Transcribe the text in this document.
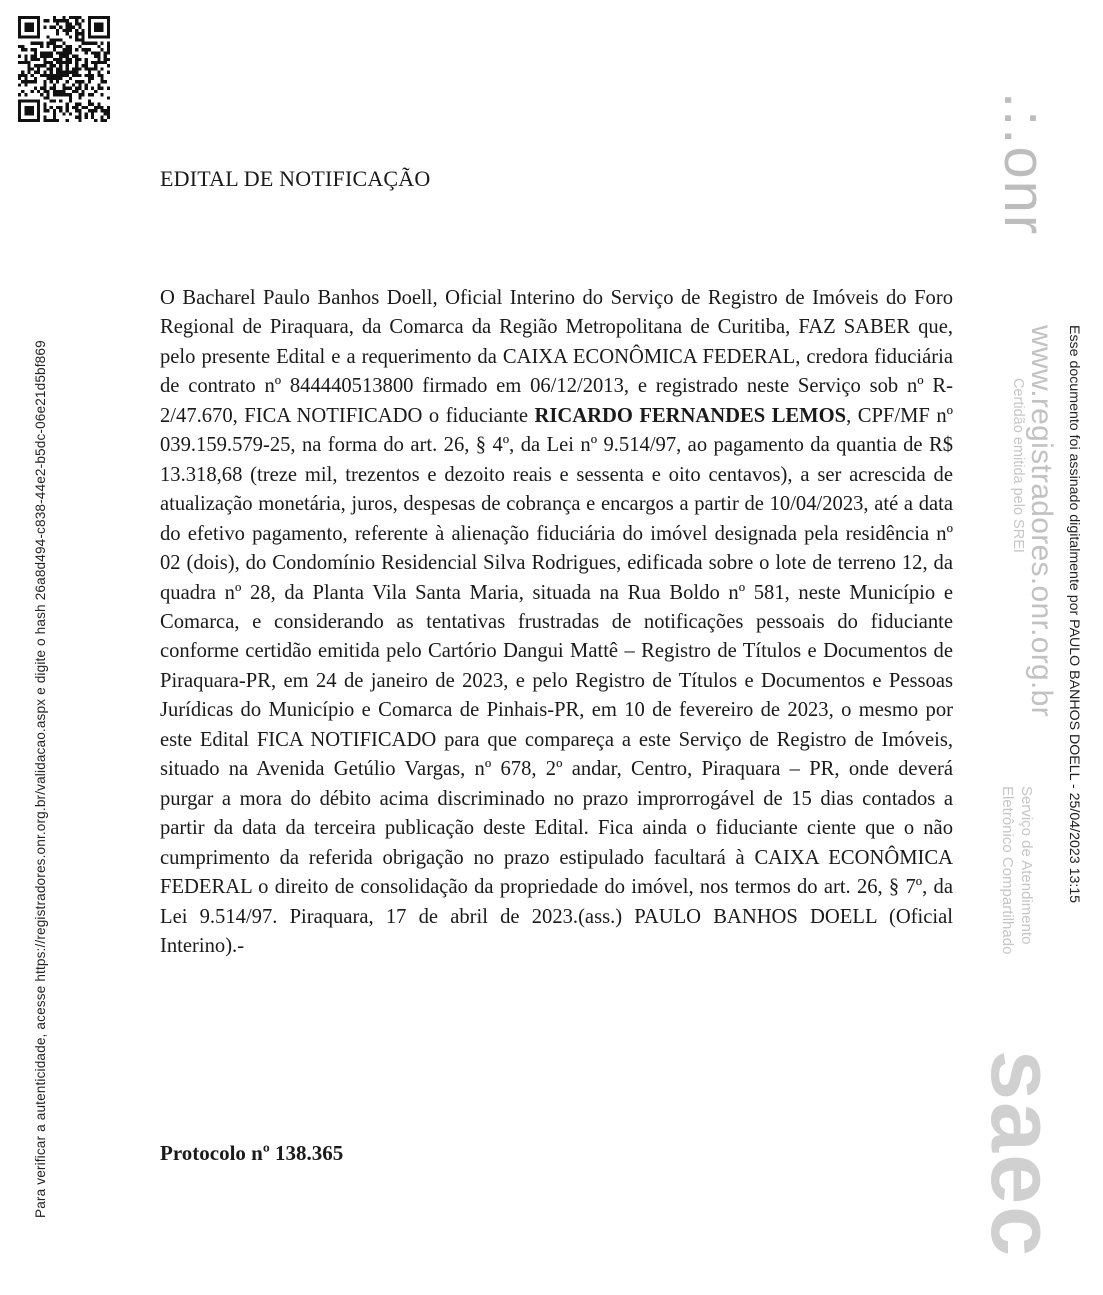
Para verificar a autenticidade, acesse https://registradores.onr.org.br/validacao.aspx e digite o hash 26a8d494-c838-44e2-b5dc-06e21d5bf869	Esse documento foi assinado digitalmente por PAULO BANHOS DOELL - 25/04/2023 13:15
.:.onr
www.registradores.onr.org.br
Certidão emitida pelo SREI
Serviço de Atendimento
Eletrônico Compartilhado
saec
EDITAL DE NOTIFICAÇÃO

O Bacharel Paulo Banhos Doell, Oficial Interino do Serviço de Registro de Imóveis do Foro Regional de Piraquara, da Comarca da Região Metropolitana de Curitiba, FAZ SABER que, pelo presente Edital e a requerimento da CAIXA ECONÔMICA FEDERAL, credora fiduciária de contrato nº 844440513800 firmado em 06/12/2013, e registrado neste Serviço sob nº R-2/47.670, FICA NOTIFICADO o fiduciante RICARDO FERNANDES LEMOS, CPF/MF nº 039.159.579-25, na forma do art. 26, § 4º, da Lei nº 9.514/97, ao pagamento da quantia de R$ 13.318,68 (treze mil, trezentos e dezoito reais e sessenta e oito centavos), a ser acrescida de atualização monetária, juros, despesas de cobrança e encargos a partir de 10/04/2023, até a data do efetivo pagamento, referente à alienação fiduciária do imóvel designada pela residência nº 02 (dois), do Condomínio Residencial Silva Rodrigues, edificada sobre o lote de terreno 12, da quadra nº 28, da Planta Vila Santa Maria, situada na Rua Boldo nº 581, neste Município e Comarca, e considerando as tentativas frustradas de notificações pessoais do fiduciante conforme certidão emitida pelo Cartório Dangui Mattê – Registro de Títulos e Documentos de Piraquara-PR, em 24 de janeiro de 2023, e pelo Registro de Títulos e Documentos e Pessoas Jurídicas do Município e Comarca de Pinhais-PR, em 10 de fevereiro de 2023, o mesmo por este Edital FICA NOTIFICADO para que compareça a este Serviço de Registro de Imóveis, situado na Avenida Getúlio Vargas, nº 678, 2º andar, Centro, Piraquara – PR, onde deverá purgar a mora do débito acima discriminado no prazo improrrogável de 15 dias contados a partir da data da terceira publicação deste Edital. Fica ainda o fiduciante ciente que o não cumprimento da referida obrigação no prazo estipulado facultará à CAIXA ECONÔMICA FEDERAL o direito de consolidação da propriedade do imóvel, nos termos do art. 26, § 7º, da Lei 9.514/97. Piraquara, 17 de abril de 2023.(ass.) PAULO BANHOS DOELL (Oficial Interino).-

Protocolo nº 138.365
